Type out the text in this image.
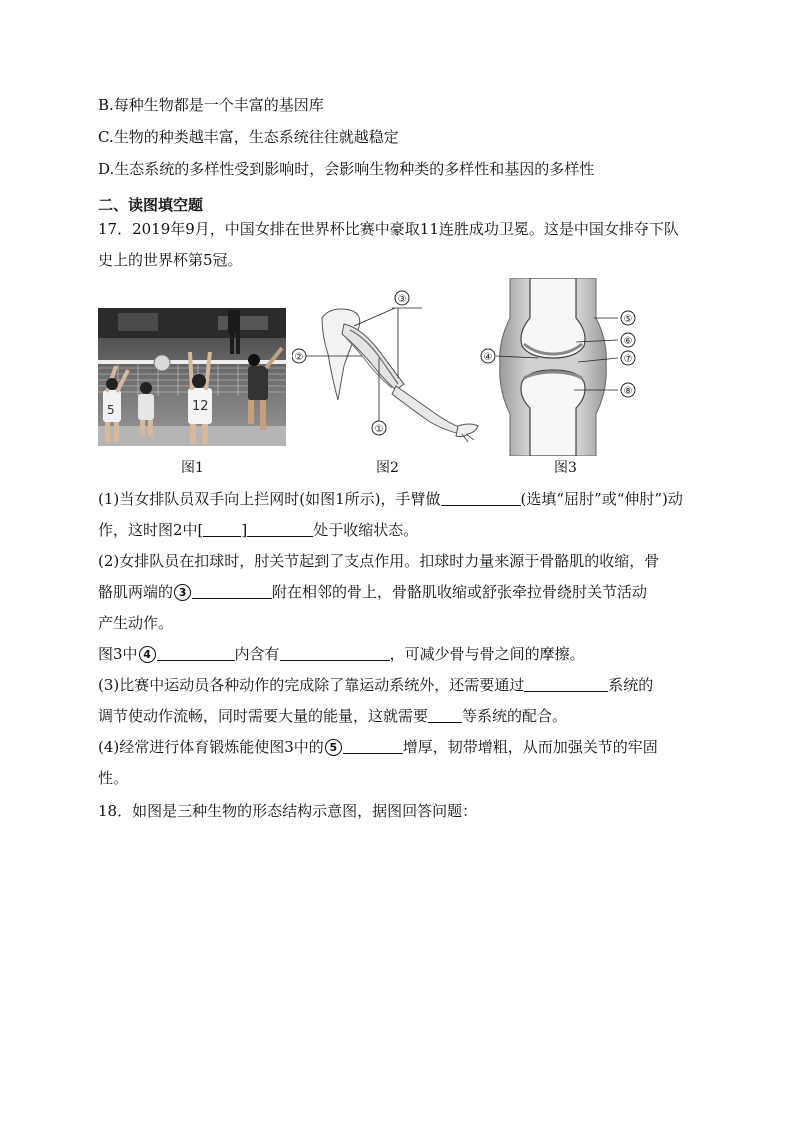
B.每种生物都是一个丰富的基因库
C.生物的种类越丰富，生态系统往往就越稳定
D.生态系统的多样性受到影响时，会影响生物种类的多样性和基因的多样性
二、读图填空题
17．2019年9月，中国女排在世界杯比赛中豪取11连胜成功卫冕。这是中国女排夺下队
史上的世界杯第5冠。
5	12
图1
③
②
①
图2
④
⑤
⑥
⑦
⑧
图3
(1)当女排队员双手向上拦网时(如图1所示)，手臂做	(选填“屈肘”或“伸肘”)动
作，这时图2中[	]	处于收缩状态。
(2)女排队员在扣球时，肘关节起到了支点作用。扣球时力量来源于骨骼肌的收缩，骨
骼肌两端的 3	附在相邻的骨上，骨骼肌收缩或舒张牵拉骨绕肘关节活动
产生动作。
图3中 4	内含有	，可减少骨与骨之间的摩擦。
(3)比赛中运动员各种动作的完成除了靠运动系统外，还需要通过	系统的
调节使动作流畅，同时需要大量的能量，这就需要 等系统的配合。
(4)经常进行体育锻炼能使图3中的 5	增厚，韧带增粗，从而加强关节的牢固
性。
18．如图是三种生物的形态结构示意图，据图回答问题：
